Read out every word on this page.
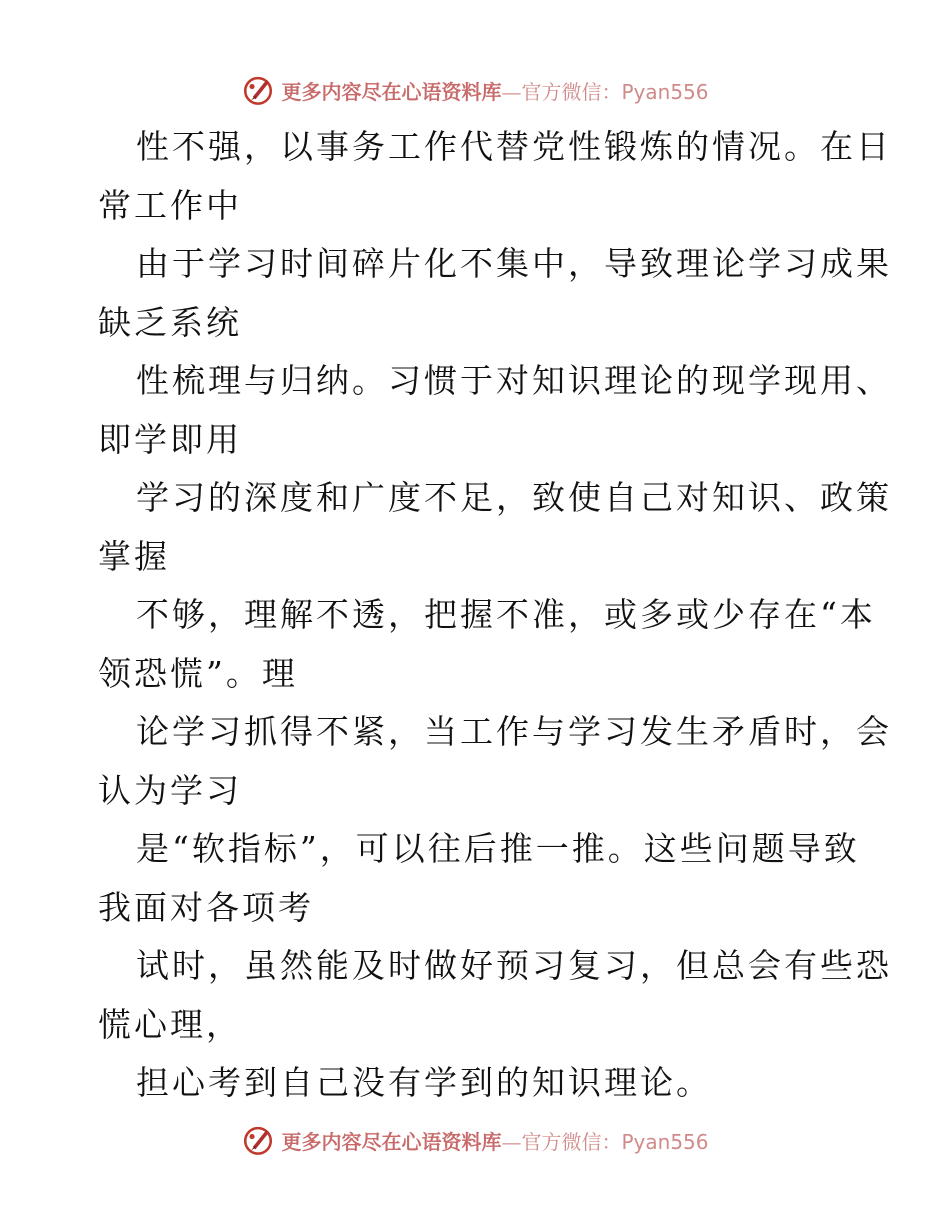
更多内容尽在心语资料库—官方微信：Pyan556
性不强，以事务工作代替党性锻炼的情况。在日
常工作中
由于学习时间碎片化不集中，导致理论学习成果
缺乏系统
性梳理与归纳。习惯于对知识理论的现学现用、
即学即用
学习的深度和广度不足，致使自己对知识、政策
掌握
不够，理解不透，把握不准，或多或少存在“本
领恐慌”。理
论学习抓得不紧，当工作与学习发生矛盾时，会
认为学习
是“软指标”，可以往后推一推。这些问题导致
我面对各项考
试时，虽然能及时做好预习复习，但总会有些恐
慌心理，
担心考到自己没有学到的知识理论。
更多内容尽在心语资料库—官方微信：Pyan556
